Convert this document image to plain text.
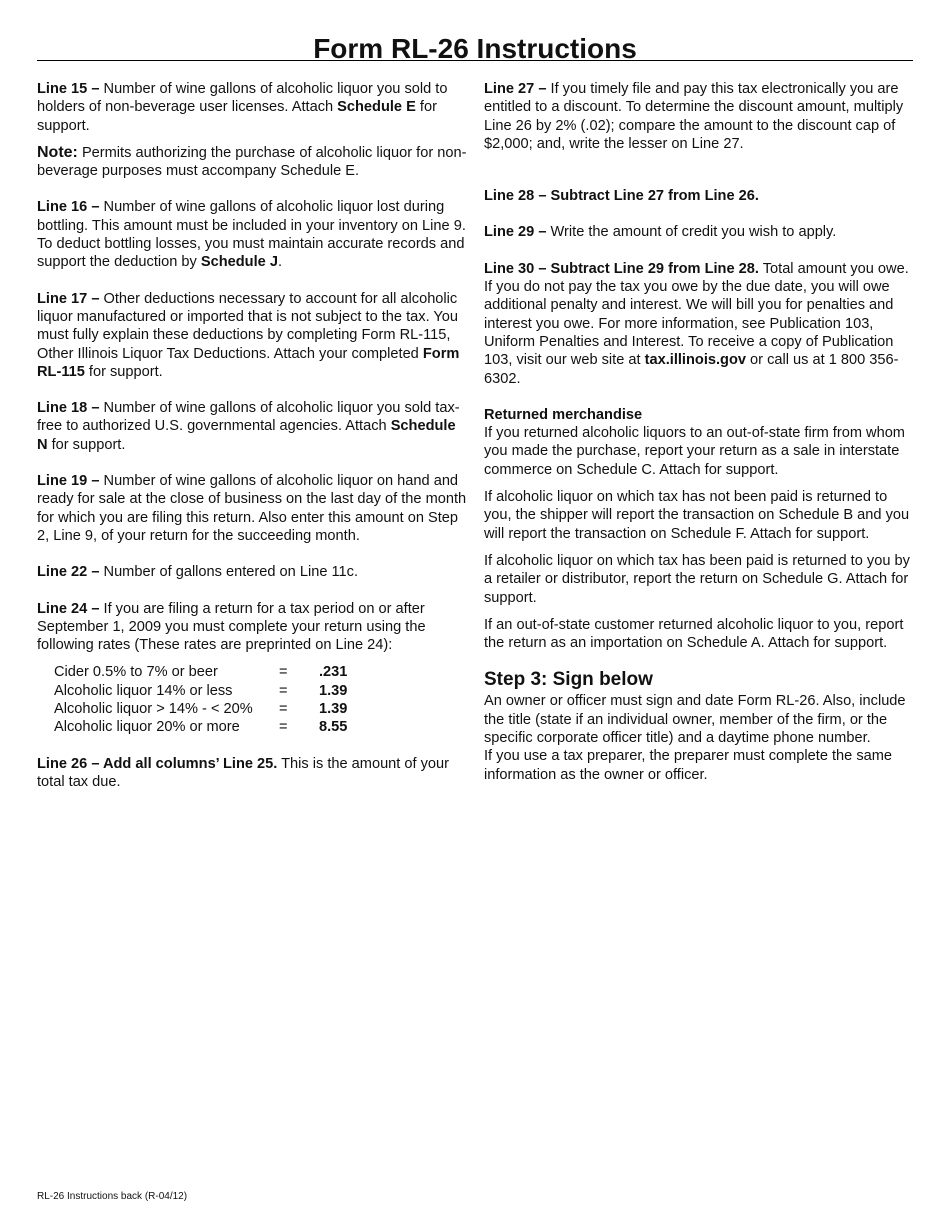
Form RL-26 Instructions

Line 15 – Number of wine gallons of alcoholic liquor you sold to holders of non-beverage user licenses. Attach Schedule E for support.

Note: Permits authorizing the purchase of alcoholic liquor for non-beverage purposes must accompany Schedule E.

Line 16 – Number of wine gallons of alcoholic liquor lost during bottling. This amount must be included in your inventory on Line 9. To deduct bottling losses, you must maintain accurate records and support the deduction by Schedule J.

Line 17 – Other deductions necessary to account for all alcoholic liquor manufactured or imported that is not subject to the tax. You must fully explain these deductions by completing Form RL-115, Other Illinois Liquor Tax Deductions. Attach your completed Form RL-115 for support.

Line 18 – Number of wine gallons of alcoholic liquor you sold tax-free to authorized U.S. governmental agencies. Attach Schedule N for support.

Line 19 – Number of wine gallons of alcoholic liquor on hand and ready for sale at the close of business on the last day of the month for which you are filing this return. Also enter this amount on Step 2, Line 9, of your return for the succeeding month.

Line 22 – Number of gallons entered on Line 11c.

Line 24 – If you are filing a return for a tax period on or after September 1, 2009 you must complete your return using the following rates (These rates are preprinted on Line 24):

Cider 0.5% to 7% or beer	=	.231
Alcoholic liquor 14% or less	=	1.39
Alcoholic liquor > 14% - < 20%	=	1.39
Alcoholic liquor 20% or more	=	8.55

Line 26 – Add all columns’ Line 25. This is the amount of your total tax due.

Line 27 – If you timely file and pay this tax electronically you are entitled to a discount. To determine the discount amount, multiply Line 26 by 2% (.02); compare the amount to the discount cap of $2,000; and, write the lesser on Line 27.

Line 28 – Subtract Line 27 from Line 26.

Line 29 – Write the amount of credit you wish to apply.

Line 30 – Subtract Line 29 from Line 28. Total amount you owe. If you do not pay the tax you owe by the due date, you will owe additional penalty and interest. We will bill you for penalties and interest you owe. For more information, see Publication 103, Uniform Penalties and Interest. To receive a copy of Publication 103, visit our web site at tax.illinois.gov or call us at 1 800 356-6302.

Returned merchandise

If you returned alcoholic liquors to an out-of-state firm from whom you made the purchase, report your return as a sale in interstate commerce on Schedule C. Attach for support.

If alcoholic liquor on which tax has not been paid is returned to you, the shipper will report the transaction on Schedule B and you will report the transaction on Schedule F. Attach for support.

If alcoholic liquor on which tax has been paid is returned to you by a retailer or distributor, report the return on Schedule G. Attach for support.

If an out-of-state customer returned alcoholic liquor to you, report the return as an importation on Schedule A. Attach for support.

Step 3: Sign below

An owner or officer must sign and date Form RL-26. Also, include the title (state if an individual owner, member of the firm, or the specific corporate officer title) and a daytime phone number.

If you use a tax preparer, the preparer must complete the same information as the owner or officer.

RL-26 Instructions back (R-04/12)
